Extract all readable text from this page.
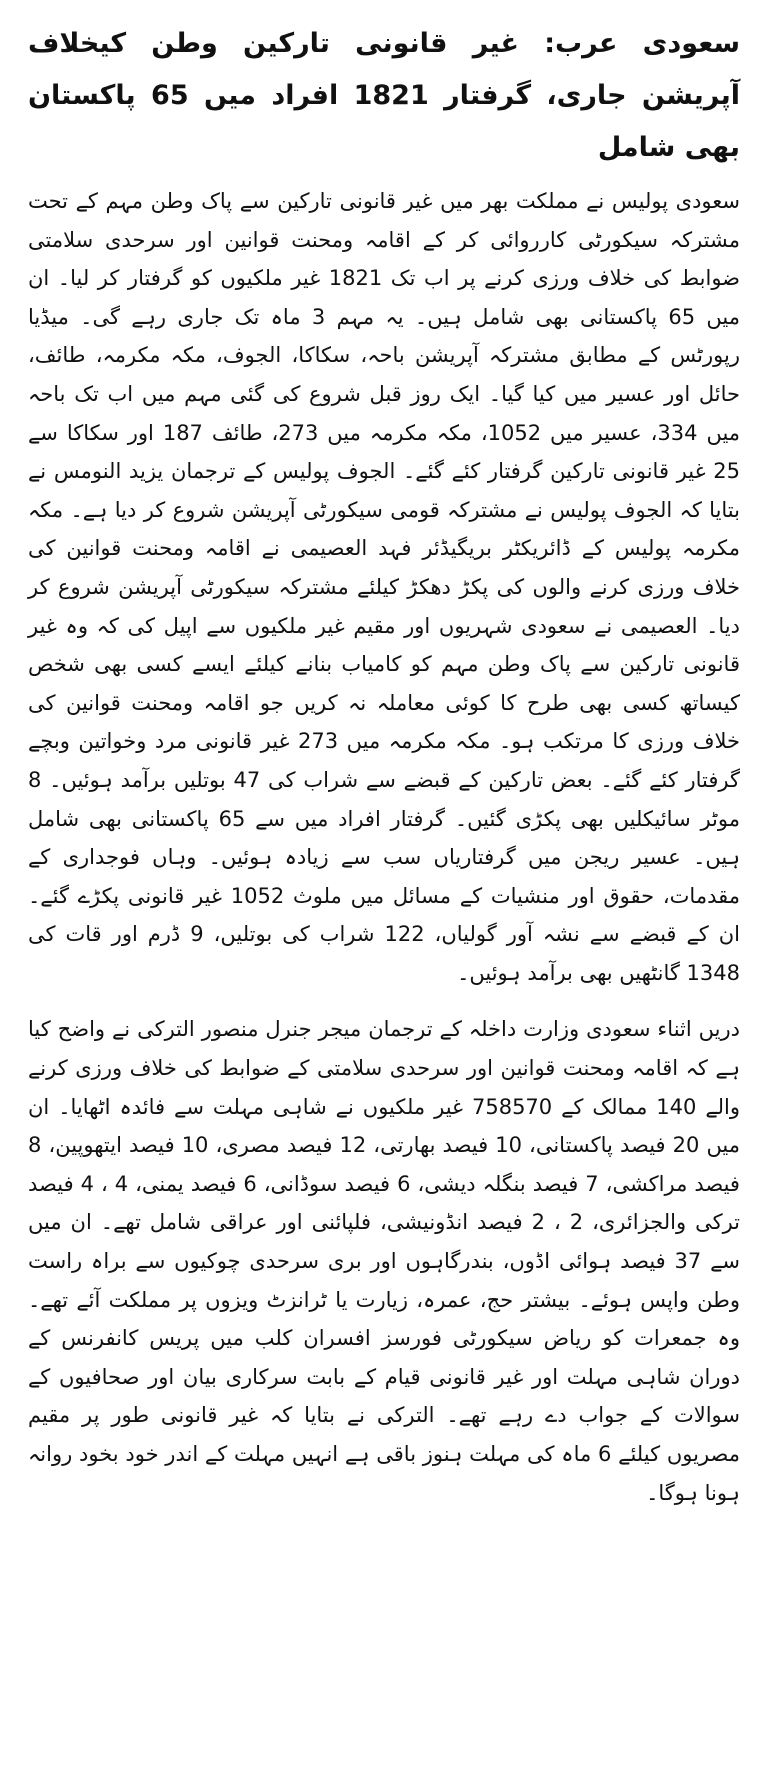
سعودی عرب: غیر قانونی تارکین وطن کیخلاف آپریشن جاری، گرفتار 1821 افراد میں 65 پاکستان بھی شامل

سعودی پولیس نے مملکت بھر میں غیر قانونی تارکین سے پاک وطن مہم کے تحت مشترکہ سیکورٹی کارروائی کر کے اقامہ ومحنت قوانین اور سرحدی سلامتی ضوابط کی خلاف ورزی کرنے پر اب تک 1821 غیر ملکیوں کو گرفتار کر لیا۔ ان میں 65 پاکستانی بھی شامل ہیں۔ یہ مہم 3 ماہ تک جاری رہے گی۔ میڈیا رپورٹس کے مطابق مشترکہ آپریشن باحہ، سکاکا، الجوف، مکہ مکرمہ، طائف، حائل اور عسیر میں کیا گیا۔ ایک روز قبل شروع کی گئی مہم میں اب تک باحہ میں 334، عسیر میں 1052، مکہ مکرمہ میں 273، طائف 187 اور سکاکا سے 25 غیر قانونی تارکین گرفتار کئے گئے۔ الجوف پولیس کے ترجمان یزید النومس نے بتایا کہ الجوف پولیس نے مشترکہ قومی سیکورٹی آپریشن شروع کر دیا ہے۔ مکہ مکرمہ پولیس کے ڈائریکٹر بریگیڈئر فہد العصیمی نے اقامہ ومحنت قوانین کی خلاف ورزی کرنے والوں کی پکڑ دھکڑ کیلئے مشترکہ سیکورٹی آپریشن شروع کر دیا۔ العصیمی نے سعودی شہریوں اور مقیم غیر ملکیوں سے اپیل کی کہ وہ غیر قانونی تارکین سے پاک وطن مہم کو کامیاب بنانے کیلئے ایسے کسی بھی شخص کیساتھ کسی بھی طرح کا کوئی معاملہ نہ کریں جو اقامہ ومحنت قوانین کی خلاف ورزی کا مرتکب ہو۔ مکہ مکرمہ میں 273 غیر قانونی مرد وخواتین وبچے گرفتار کئے گئے۔ بعض تارکین کے قبضے سے شراب کی 47 بوتلیں برآمد ہوئیں۔ 8 موٹر سائیکلیں بھی پکڑی گئیں۔ گرفتار افراد میں سے 65 پاکستانی بھی شامل ہیں۔ عسیر ریجن میں گرفتاریاں سب سے زیادہ ہوئیں۔ وہاں فوجداری کے مقدمات، حقوق اور منشیات کے مسائل میں ملوث 1052 غیر قانونی پکڑے گئے۔ ان کے قبضے سے نشہ آور گولیاں، 122 شراب کی بوتلیں، 9 ڈرم اور قات کی 1348 گانٹھیں بھی برآمد ہوئیں۔

دریں اثناء سعودی وزارت داخلہ کے ترجمان میجر جنرل منصور الترکی نے واضح کیا ہے کہ اقامہ ومحنت قوانین اور سرحدی سلامتی کے ضوابط کی خلاف ورزی کرنے والے 140 ممالک کے 758570 غیر ملکیوں نے شاہی مہلت سے فائدہ اٹھایا۔ ان میں 20 فیصد پاکستانی، 10 فیصد بھارتی، 12 فیصد مصری، 10 فیصد ایتھوپین، 8 فیصد مراکشی، 7 فیصد بنگلہ دیشی، 6 فیصد سوڈانی، 6 فیصد یمنی، 4 ، 4 فیصد ترکی والجزائری، 2 ، 2 فیصد انڈونیشی، فلپائنی اور عراقی شامل تھے۔ ان میں سے 37 فیصد ہوائی اڈوں، بندرگاہوں اور بری سرحدی چوکیوں سے براہ راست وطن واپس ہوئے۔ بیشتر حج، عمرہ، زیارت یا ٹرانزٹ ویزوں پر مملکت آئے تھے۔ وہ جمعرات کو ریاض سیکورٹی فورسز افسران کلب میں پریس کانفرنس کے دوران شاہی مہلت اور غیر قانونی قیام کے بابت سرکاری بیان اور صحافیوں کے سوالات کے جواب دے رہے تھے۔ الترکی نے بتایا کہ غیر قانونی طور پر مقیم مصریوں کیلئے 6 ماہ کی مہلت ہنوز باقی ہے انہیں مہلت کے اندر خود بخود روانہ ہونا ہوگا۔
